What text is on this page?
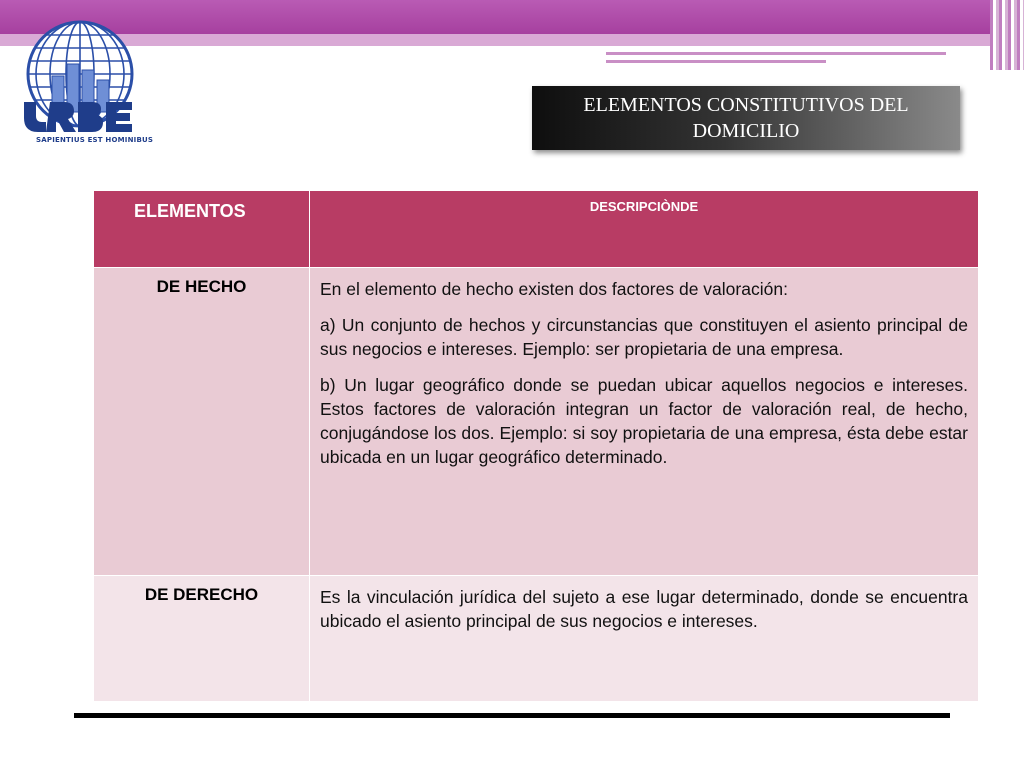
SAPIENTIUS EST HOMINIBUS
ELEMENTOS CONSTITUTIVOS DEL DOMICILIO
ELEMENTOS	DESCRIPCIÒNDE
DE HECHO	En el elemento de hecho existen dos factores de valoración:

a) Un conjunto de hechos y circunstancias que constituyen el asiento principal de sus negocios e intereses. Ejemplo: ser propietaria de una empresa.

b) Un lugar geográfico donde se puedan ubicar aquellos negocios e intereses. Estos factores de valoración integran un factor de valoración real, de hecho, conjugándose los dos. Ejemplo: si soy propietaria de una empresa, ésta debe estar ubicada en un lugar geográfico determinado.

DE DERECHO	Es la vinculación jurídica del sujeto a ese lugar determinado, donde se encuentra ubicado el asiento principal de sus negocios e intereses.
